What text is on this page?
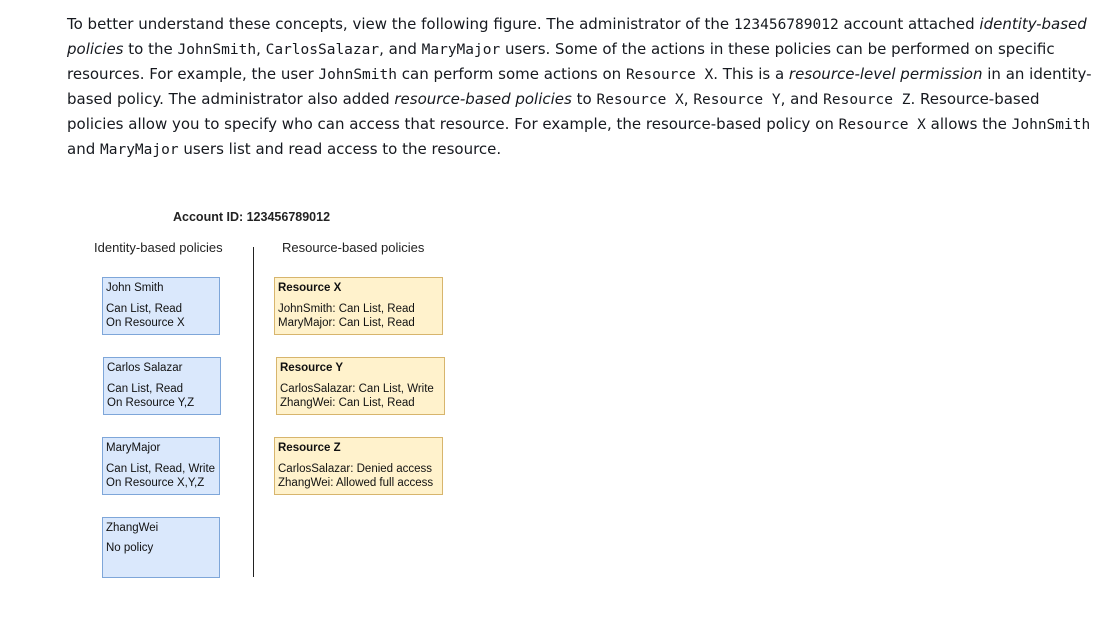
To better understand these concepts, view the following figure. The administrator of the 123456789012 account attached identity-based policies to the JohnSmith, CarlosSalazar, and MaryMajor users. Some of the actions in these policies can be performed on specific resources. For example, the user JohnSmith can perform some actions on Resource X. This is a resource-level permission in an identity-based policy. The administrator also added resource-based policies to Resource X, Resource Y, and Resource Z. Resource-based policies allow you to specify who can access that resource. For example, the resource-based policy on Resource X allows the JohnSmith and MaryMajor users list and read access to the resource.

Account ID: 123456789012
Identity-based policies	Resource-based policies
John Smith
Can List, Read
On Resource X
Carlos Salazar
Can List, Read
On Resource Y,Z
MaryMajor
Can List, Read, Write
On Resource X,Y,Z
ZhangWei
No policy
Resource X
JohnSmith: Can List, Read
MaryMajor: Can List, Read
Resource Y
CarlosSalazar: Can List, Write
ZhangWei: Can List, Read
Resource Z
CarlosSalazar: Denied access
ZhangWei: Allowed full access
